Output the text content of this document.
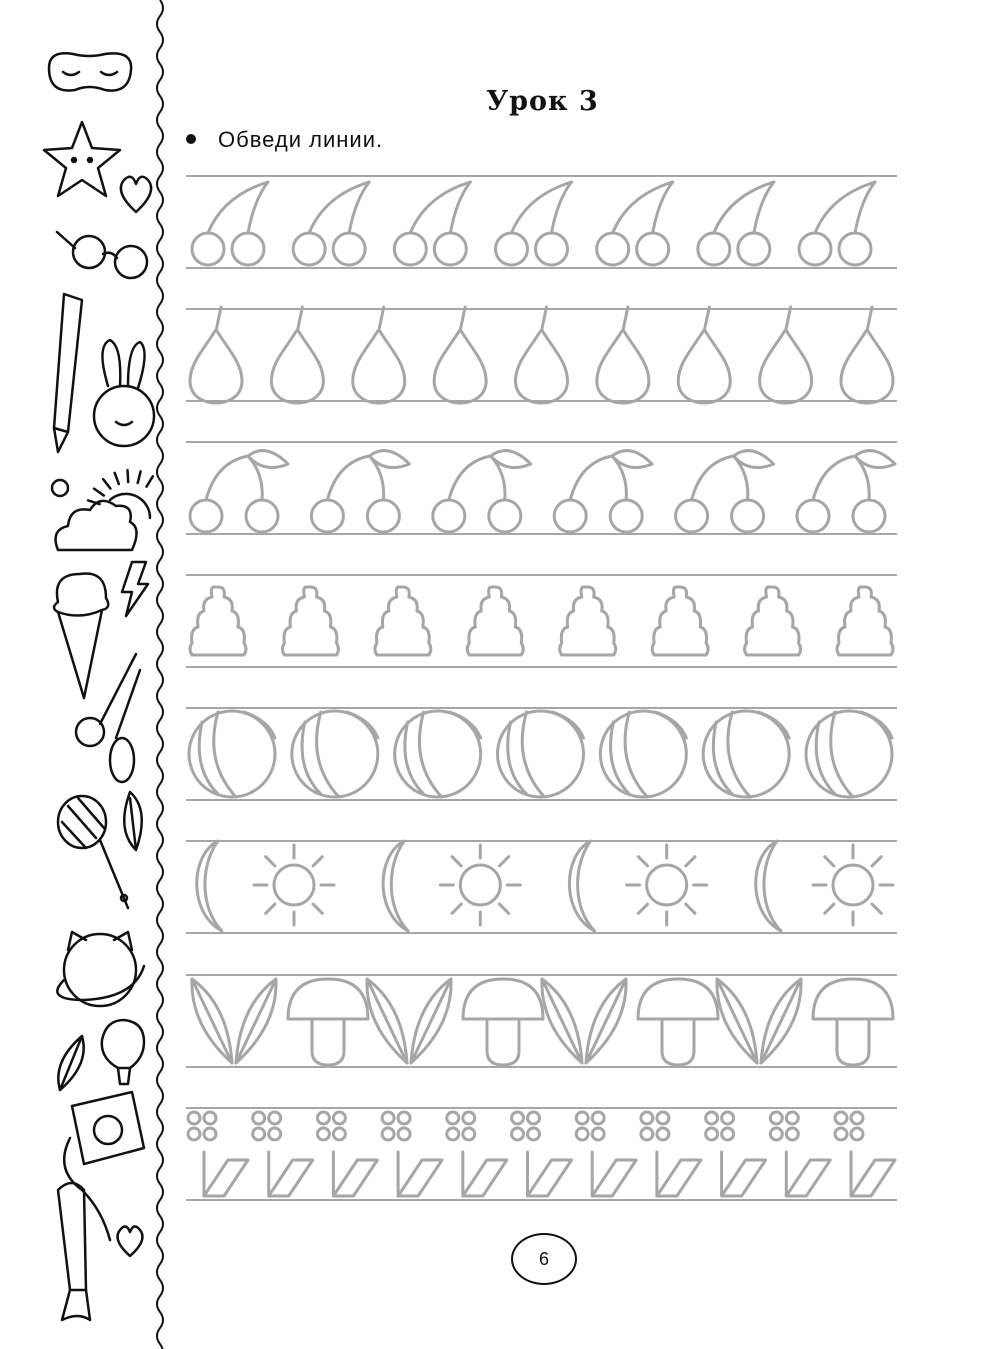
Урок 3
Обведи линии.
6
